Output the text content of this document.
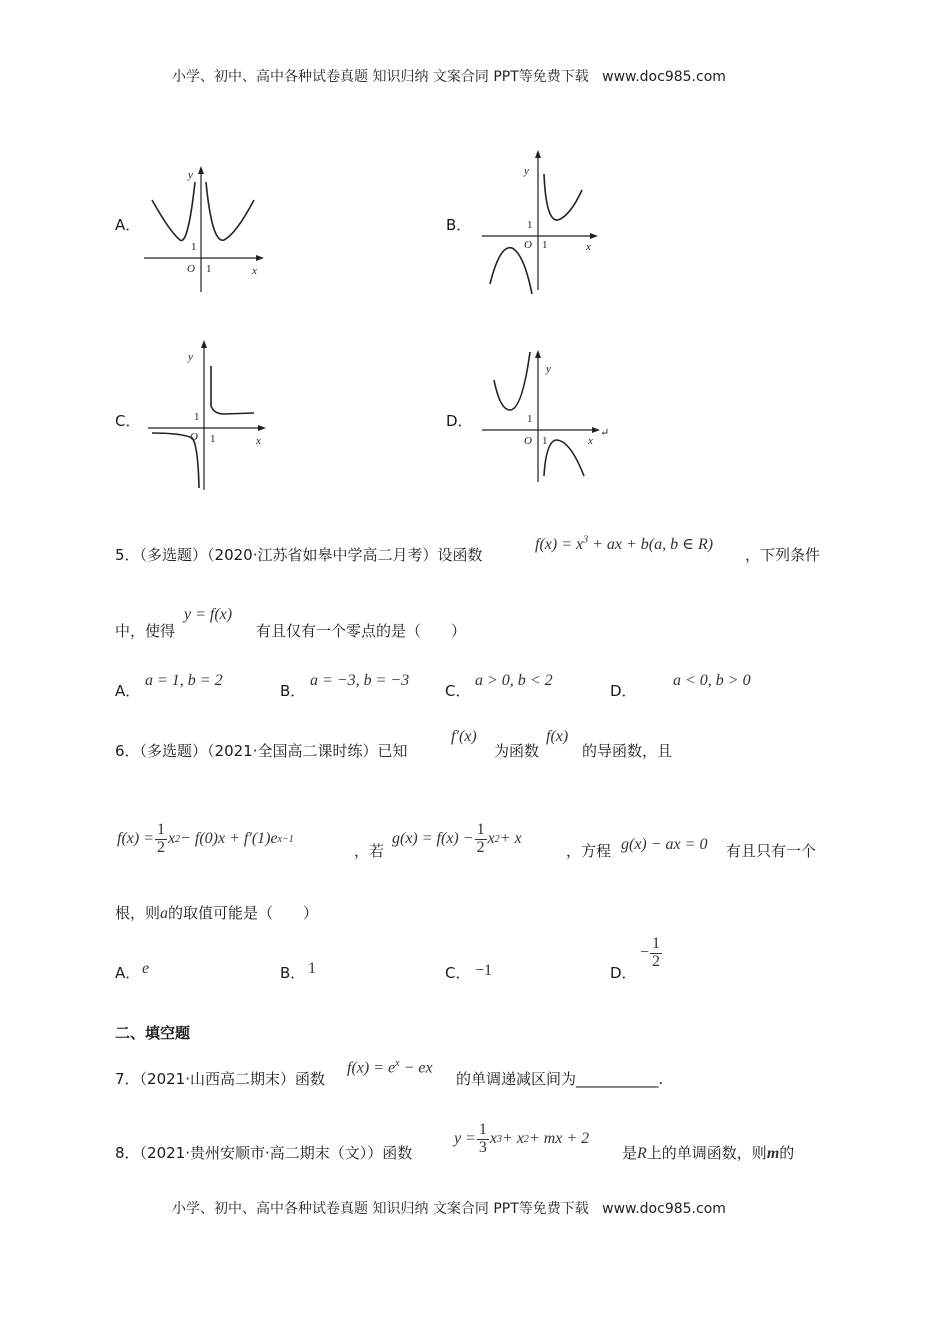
小学、初中、高中各种试卷真题 知识归纳 文案合同 PPT等免费下载 www.doc985.com
A．
y
x
O 1
1
B．
y
x
O 1
1
C．
y
x
O 1
1	D．
y
x
↵
O 1
1
5．（多选题）（2020·江苏省如皋中学高二月考）设函数
$f(x) = x^3$ + ax + b(a, b ∈ R)
，下列条件
中，使得
y = f(x)
有且仅有一个零点的是（　　）
A．
a = 1, b = 2
B．
a = −3, b = −3
C．
a > 0, b < 2
D．
a < 0, b > 0
6．（多选题）（2021·全国高二课时练）已知
f′(x)
为函数
f(x)
的导函数，且
$f(x) = \frac{1}{2}$ x 2 − f(0)x + f′(1)e x−1
，若
$g(x) = f(x) - \frac{1}{2}$ x 2 + x
，方程 g(x) − ax = 0 有且只有一个
根，则a的取值可能是（　　）
A． e	B． 1	C． −1	D．
− $\frac{1}{2}$
二、填空题
7．（2021·山西高二期末）函数
$f(x) = e^x$ − ex
的单调递减区间为___________.
8．（2021·贵州安顺市·高二期末（文））函数
$y = \frac{1}{3}$ x 3 + x 2 + mx + 2
是R上的单调函数，则m的
小学、初中、高中各种试卷真题 知识归纳 文案合同 PPT等免费下载 www.doc985.com
